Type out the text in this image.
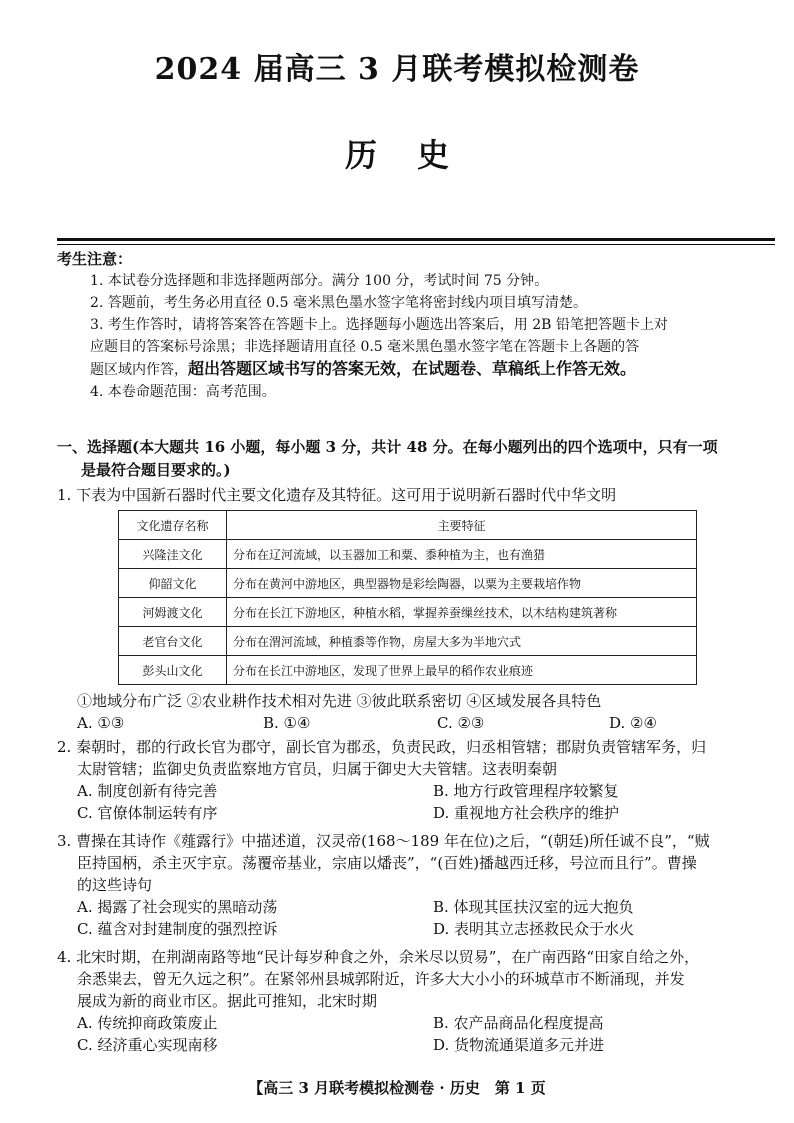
2024 届高三 3 月联考模拟检测卷
历史
考生注意：
1. 本试卷分选择题和非选择题两部分。满分 100 分，考试时间 75 分钟。
2. 答题前，考生务必用直径 0.5 毫米黑色墨水签字笔将密封线内项目填写清楚。
3. 考生作答时，请将答案答在答题卡上。选择题每小题选出答案后，用 2B 铅笔把答题卡上对
应题目的答案标号涂黑；非选择题请用直径 0.5 毫米黑色墨水签字笔在答题卡上各题的答
题区域内作答，超出答题区域书写的答案无效，在试题卷、草稿纸上作答无效。
4. 本卷命题范围：高考范围。
一、选择题(本大题共 16 小题，每小题 3 分，共计 48 分。在每小题列出的四个选项中，只有一项
是最符合题目要求的。)
1. 下表为中国新石器时代主要文化遗存及其特征。这可用于说明新石器时代中华文明
文化遗存名称	主要特征
兴隆洼文化	分布在辽河流域，以玉器加工和粟、黍种植为主，也有渔猎
仰韶文化	分布在黄河中游地区，典型器物是彩绘陶器，以粟为主要栽培作物
河姆渡文化	分布在长江下游地区，种植水稻，掌握养蚕缫丝技术，以木结构建筑著称
老官台文化	分布在渭河流域，种植黍等作物，房屋大多为半地穴式
彭头山文化	分布在长江中游地区，发现了世界上最早的稻作农业痕迹
①地域分布广泛 ②农业耕作技术相对先进 ③彼此联系密切 ④区域发展各具特色
A. ①③	B. ①④	C. ②③	D. ②④
2. 秦朝时，郡的行政长官为郡守，副长官为郡丞，负责民政，归丞相管辖；郡尉负责管辖军务，归
太尉管辖；监御史负责监察地方官员，归属于御史大夫管辖。这表明秦朝
A. 制度创新有待完善	B. 地方行政管理程序较繁复
C. 官僚体制运转有序	D. 重视地方社会秩序的维护
3. 曹操在其诗作《薤露行》中描述道，汉灵帝(168～189 年在位)之后，“(朝廷)所任诚不良”，“贼
臣持国柄，杀主灭宇京。荡覆帝基业，宗庙以燔丧”，“(百姓)播越西迁移，号泣而且行”。曹操
的这些诗句
A. 揭露了社会现实的黑暗动荡	B. 体现其匡扶汉室的远大抱负
C. 蕴含对封建制度的强烈控诉	D. 表明其立志拯救民众于水火
4. 北宋时期，在荆湖南路等地“民计每岁种食之外，余米尽以贸易”，在广南西路“田家自给之外，
余悉粜去，曾无久远之积”。在紧邻州县城郭附近，许多大大小小的环城草市不断涌现，并发
展成为新的商业市区。据此可推知，北宋时期
A. 传统抑商政策废止	B. 农产品商品化程度提高
C. 经济重心实现南移	D. 货物流通渠道多元并进
【高三 3 月联考模拟检测卷 · 历史　第 1 页
